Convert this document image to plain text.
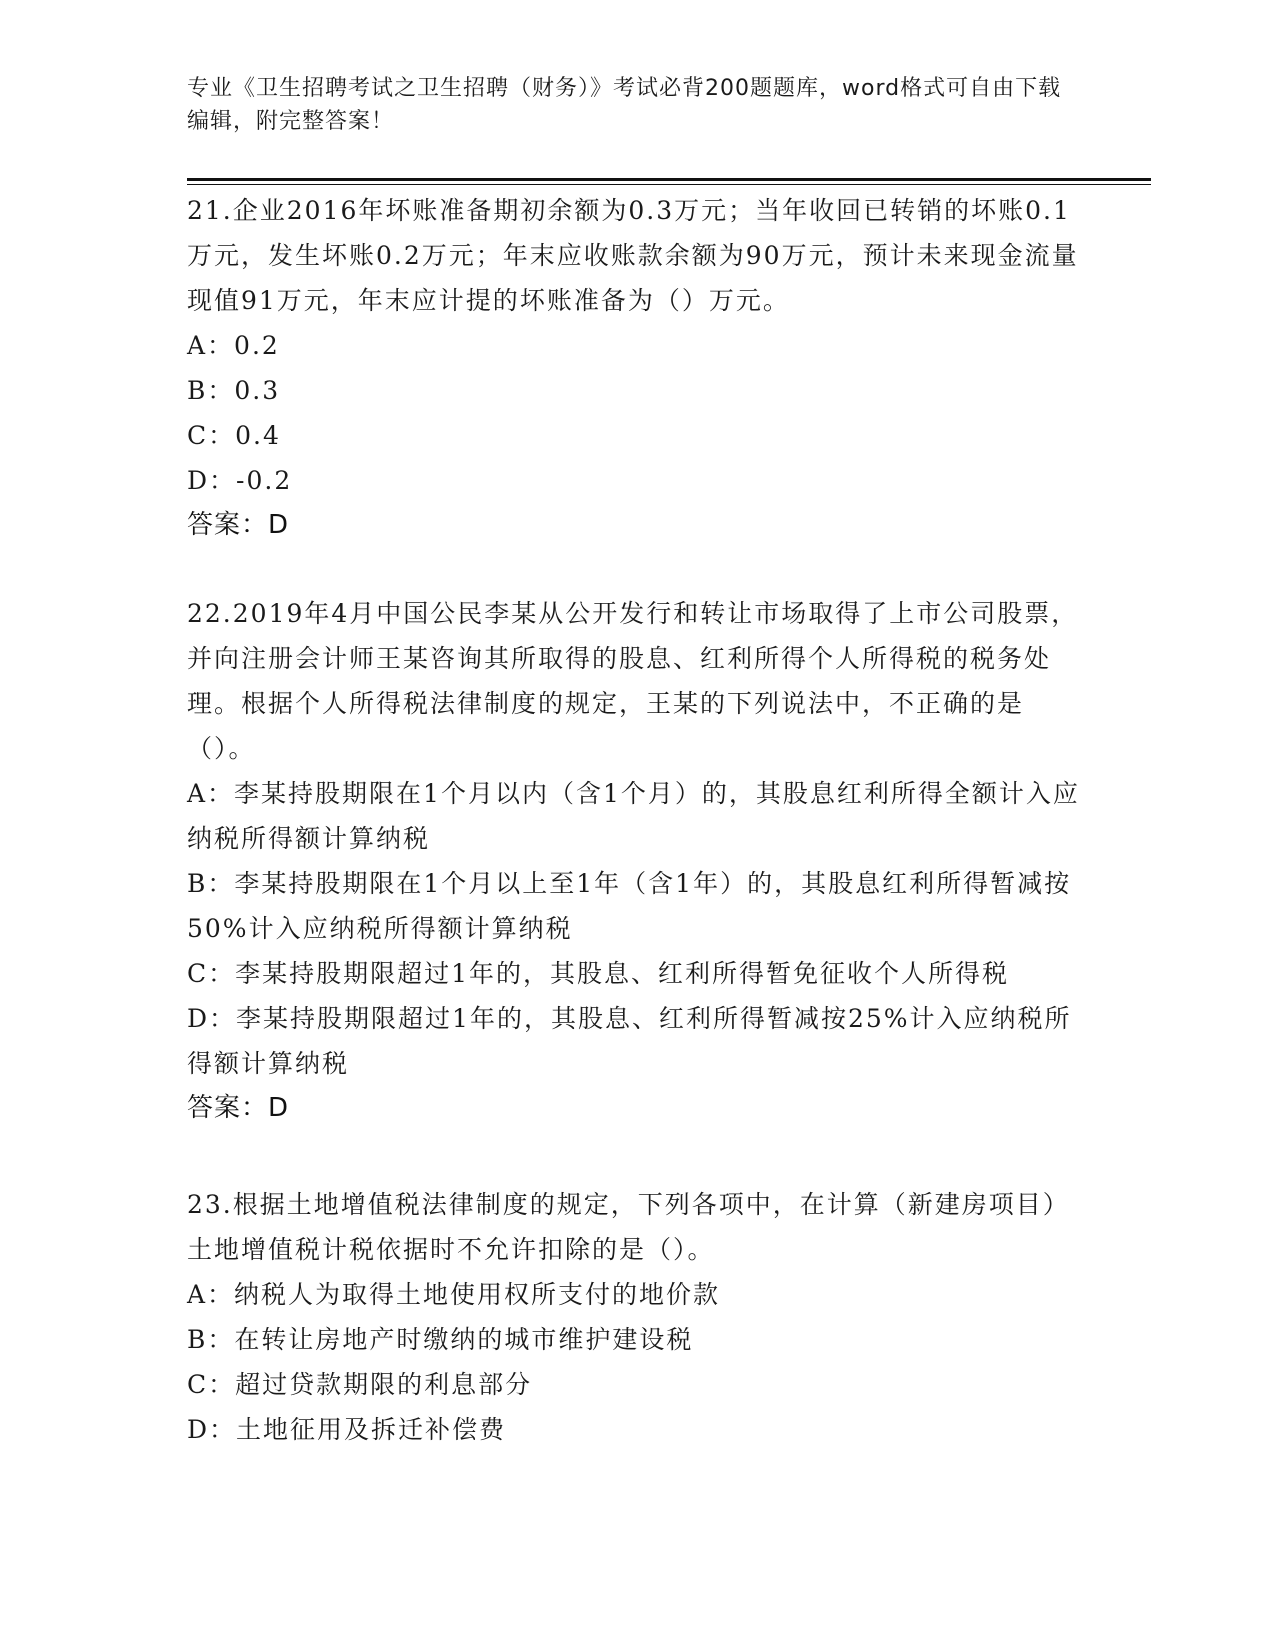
专业《卫生招聘考试之卫生招聘（财务）》考试必背200题题库，word格式可自由下载编辑，附完整答案！

21.企业2016年坏账准备期初余额为0.3万元；当年收回已转销的坏账0.1万元，发生坏账0.2万元；年末应收账款余额为90万元，预计未来现金流量现值91万元，年末应计提的坏账准备为（）万元。

A：0.2

B：0.3

C：0.4

D：-0.2

答案：D

22.2019年4月中国公民李某从公开发行和转让市场取得了上市公司股票，并向注册会计师王某咨询其所取得的股息、红利所得个人所得税的税务处理。根据个人所得税法律制度的规定，王某的下列说法中，不正确的是（）。

A：李某持股期限在1个月以内（含1个月）的，其股息红利所得全额计入应纳税所得额计算纳税

B：李某持股期限在1个月以上至1年（含1年）的，其股息红利所得暂减按50%计入应纳税所得额计算纳税

C：李某持股期限超过1年的，其股息、红利所得暂免征收个人所得税

D：李某持股期限超过1年的，其股息、红利所得暂减按25%计入应纳税所得额计算纳税

答案：D

23.根据土地增值税法律制度的规定，下列各项中，在计算（新建房项目）土地增值税计税依据时不允许扣除的是（）。

A：纳税人为取得土地使用权所支付的地价款

B：在转让房地产时缴纳的城市维护建设税

C：超过贷款期限的利息部分

D：土地征用及拆迁补偿费
